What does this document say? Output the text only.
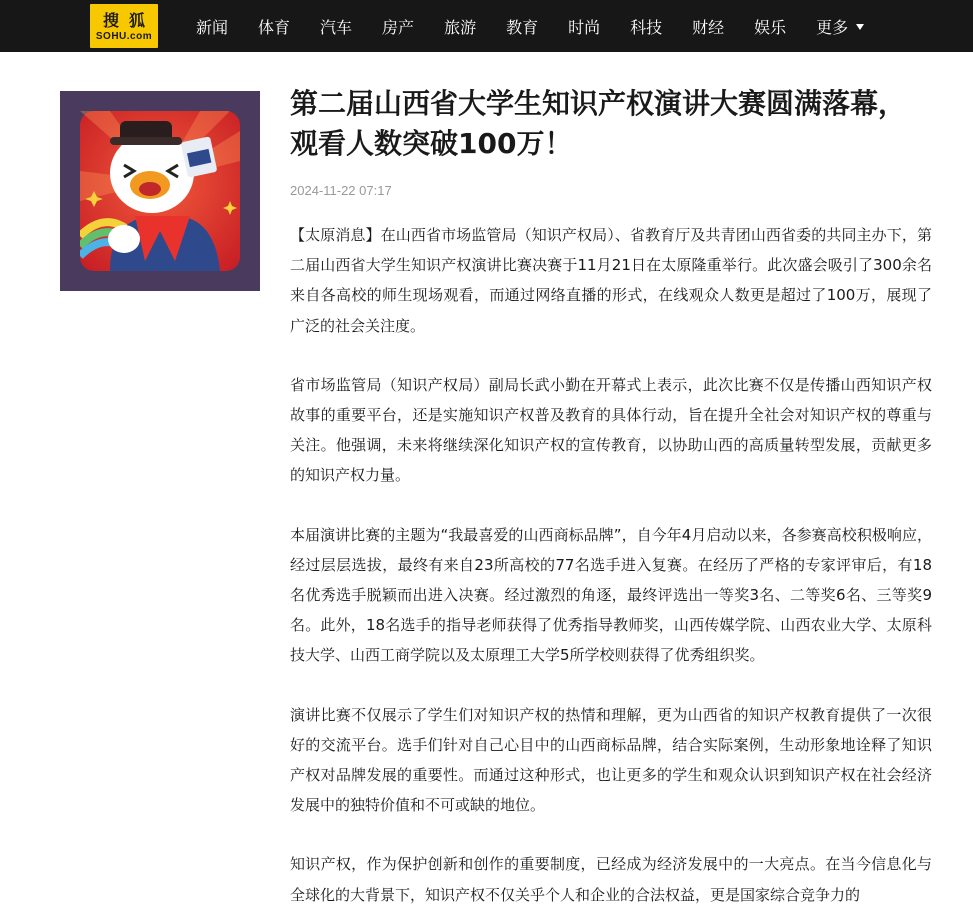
搜狐
SOHU.com	新闻 体育 汽车 房产 旅游 教育 时尚 科技 财经 娱乐 更多
第二届山西省大学生知识产权演讲大赛圆满落幕，观看人数突破100万！
2024-11-22 07:17

【太原消息】在山西省市场监管局（知识产权局）、省教育厅及共青团山西省委的共同主办下，第二届山西省大学生知识产权演讲比赛决赛于11月21日在太原隆重举行。此次盛会吸引了300余名来自各高校的师生现场观看，而通过网络直播的形式，在线观众人数更是超过了100万，展现了广泛的社会关注度。

省市场监管局（知识产权局）副局长武小勤在开幕式上表示，此次比赛不仅是传播山西知识产权故事的重要平台，还是实施知识产权普及教育的具体行动，旨在提升全社会对知识产权的尊重与关注。他强调，未来将继续深化知识产权的宣传教育，以协助山西的高质量转型发展，贡献更多的知识产权力量。

本届演讲比赛的主题为“我最喜爱的山西商标品牌”，自今年4月启动以来，各参赛高校积极响应，经过层层选拔，最终有来自23所高校的77名选手进入复赛。在经历了严格的专家评审后，有18名优秀选手脱颖而出进入决赛。经过激烈的角逐，最终评选出一等奖3名、二等奖6名、三等奖9名。此外，18名选手的指导老师获得了优秀指导教师奖，山西传媒学院、山西农业大学、太原科技大学、山西工商学院以及太原理工大学5所学校则获得了优秀组织奖。

演讲比赛不仅展示了学生们对知识产权的热情和理解，更为山西省的知识产权教育提供了一次很好的交流平台。选手们针对自己心目中的山西商标品牌，结合实际案例，生动形象地诠释了知识产权对品牌发展的重要性。而通过这种形式，也让更多的学生和观众认识到知识产权在社会经济发展中的独特价值和不可或缺的地位。

知识产权，作为保护创新和创作的重要制度，已经成为经济发展中的一大亮点。在当今信息化与全球化的大背景下，知识产权不仅关乎个人和企业的合法权益，更是国家综合竞争力的
